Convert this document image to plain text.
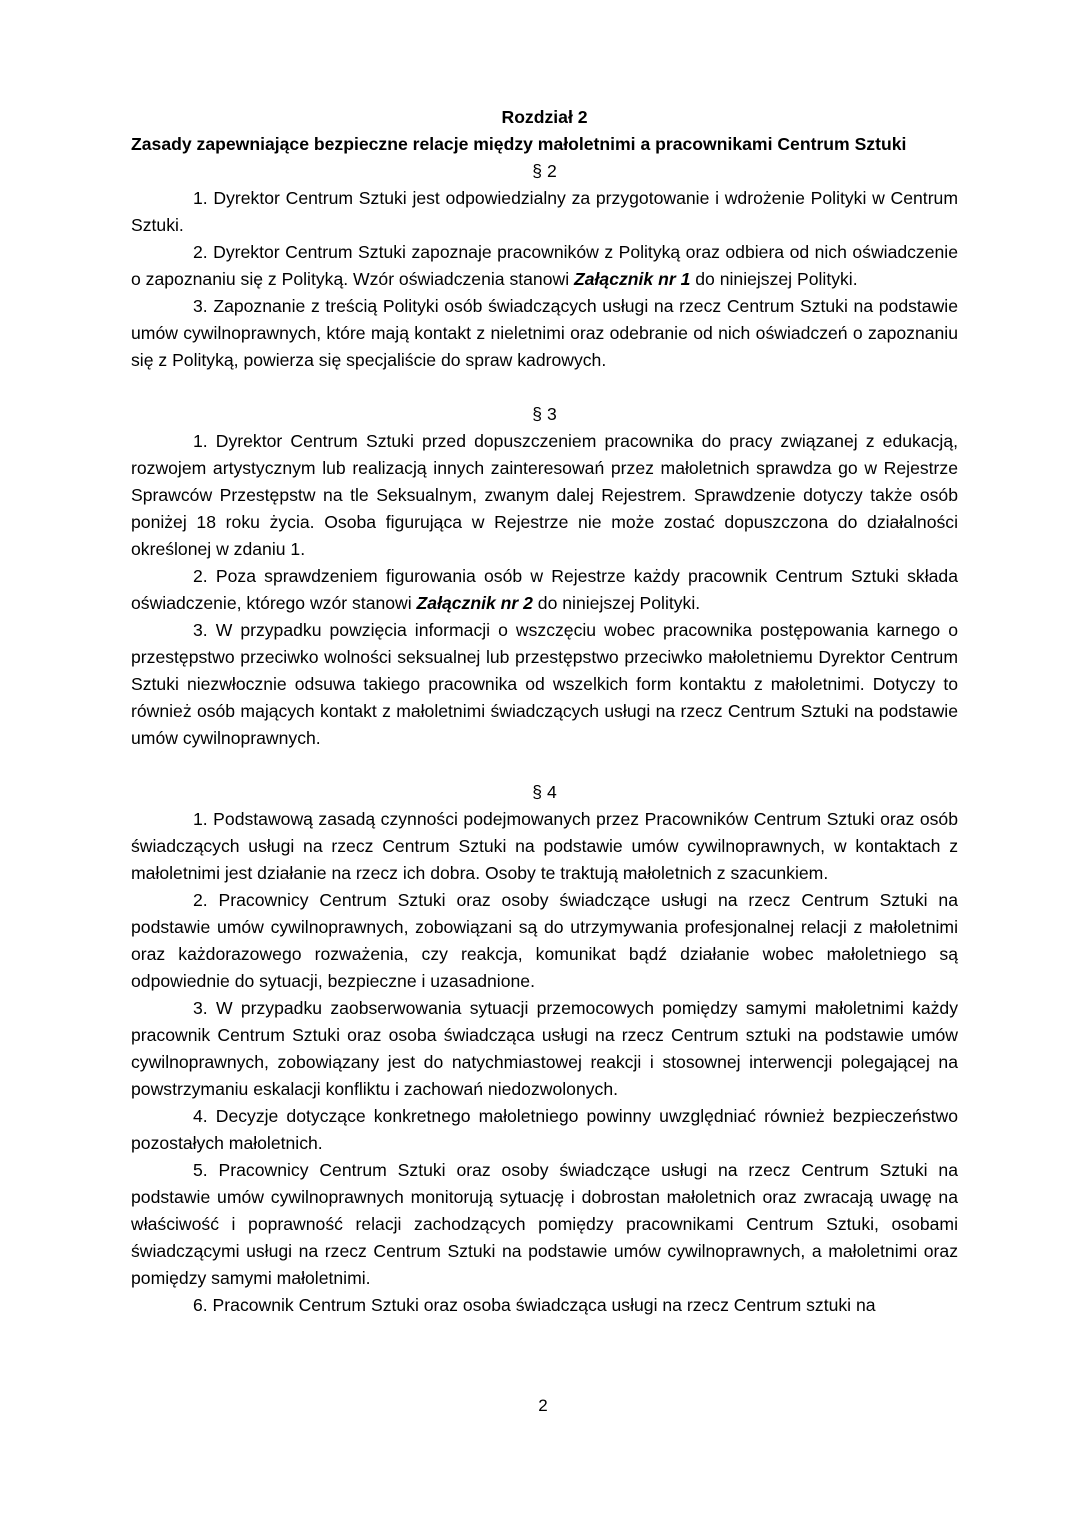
Rozdział 2
Zasady zapewniające bezpieczne relacje między małoletnimi a pracownikami Centrum Sztuki
§ 2

1. Dyrektor Centrum Sztuki jest odpowiedzialny za przygotowanie i wdrożenie Polityki w Centrum Sztuki.

2. Dyrektor Centrum Sztuki zapoznaje pracowników z Polityką oraz odbiera od nich oświadczenie o zapoznaniu się z Polityką. Wzór oświadczenia stanowi Załącznik nr 1 do niniejszej Polityki.

3. Zapoznanie z treścią Polityki osób świadczących usługi na rzecz Centrum Sztuki na podstawie umów cywilnoprawnych, które mają kontakt z nieletnimi oraz odebranie od nich oświadczeń o zapoznaniu się z Polityką, powierza się specjaliście do spraw kadrowych.

§ 3

1. Dyrektor Centrum Sztuki przed dopuszczeniem pracownika do pracy związanej z edukacją, rozwojem artystycznym lub realizacją innych zainteresowań przez małoletnich sprawdza go w Rejestrze Sprawców Przestępstw na tle Seksualnym, zwanym dalej Rejestrem. Sprawdzenie dotyczy także osób poniżej 18 roku życia. Osoba figurująca w Rejestrze nie może zostać dopuszczona do działalności określonej w zdaniu 1.

2. Poza sprawdzeniem figurowania osób w Rejestrze każdy pracownik Centrum Sztuki składa oświadczenie, którego wzór stanowi Załącznik nr 2 do niniejszej Polityki.

3. W przypadku powzięcia informacji o wszczęciu wobec pracownika postępowania karnego o przestępstwo przeciwko wolności seksualnej lub przestępstwo przeciwko małoletniemu Dyrektor Centrum Sztuki niezwłocznie odsuwa takiego pracownika od wszelkich form kontaktu z małoletnimi. Dotyczy to również osób mających kontakt z małoletnimi świadczących usługi na rzecz Centrum Sztuki na podstawie umów cywilnoprawnych.

§ 4

1. Podstawową zasadą czynności podejmowanych przez Pracowników Centrum Sztuki oraz osób świadczących usługi na rzecz Centrum Sztuki na podstawie umów cywilnoprawnych, w kontaktach z małoletnimi jest działanie na rzecz ich dobra. Osoby te traktują małoletnich z szacunkiem.

2. Pracownicy Centrum Sztuki oraz osoby świadczące usługi na rzecz Centrum Sztuki na podstawie umów cywilnoprawnych, zobowiązani są do utrzymywania profesjonalnej relacji z małoletnimi oraz każdorazowego rozważenia, czy reakcja, komunikat bądź działanie wobec małoletniego są odpowiednie do sytuacji, bezpieczne i uzasadnione.

3. W przypadku zaobserwowania sytuacji przemocowych pomiędzy samymi małoletnimi każdy pracownik Centrum Sztuki oraz osoba świadcząca usługi na rzecz Centrum sztuki na podstawie umów cywilnoprawnych, zobowiązany jest do natychmiastowej reakcji i stosownej interwencji polegającej na powstrzymaniu eskalacji konfliktu i zachowań niedozwolonych.

4. Decyzje dotyczące konkretnego małoletniego powinny uwzględniać również bezpieczeństwo pozostałych małoletnich.

5. Pracownicy Centrum Sztuki oraz osoby świadczące usługi na rzecz Centrum Sztuki na podstawie umów cywilnoprawnych monitorują sytuację i dobrostan małoletnich oraz zwracają uwagę na właściwość i poprawność relacji zachodzących pomiędzy pracownikami Centrum Sztuki, osobami świadczącymi usługi na rzecz Centrum Sztuki na podstawie umów cywilnoprawnych, a małoletnimi oraz pomiędzy samymi małoletnimi.

6. Pracownik Centrum Sztuki oraz osoba świadcząca usługi na rzecz Centrum sztuki na

2
